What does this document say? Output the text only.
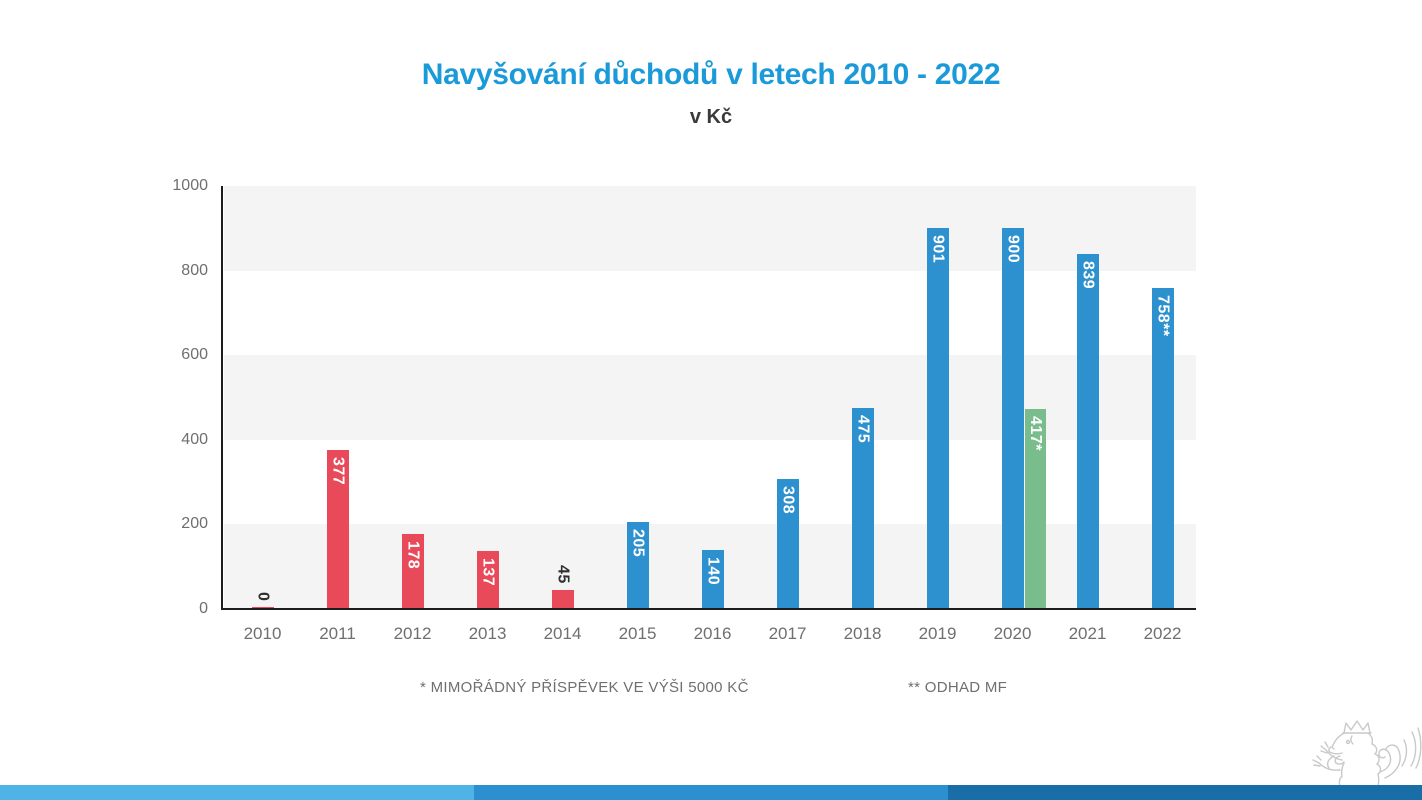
Navyšování důchodů v letech 2010 - 2022
v Kč
0
200
400
600
800
1000
0
2010
377
2011
178
2012
137
2013
45
2014
205
2015
140
2016
308
2017
475
2018
901
2019
900
2020
839
2021
758**
2022
417*
* MIMOŘÁDNÝ PŘÍSPĚVEK VE VÝŠI 5000 KČ	** ODHAD MF
